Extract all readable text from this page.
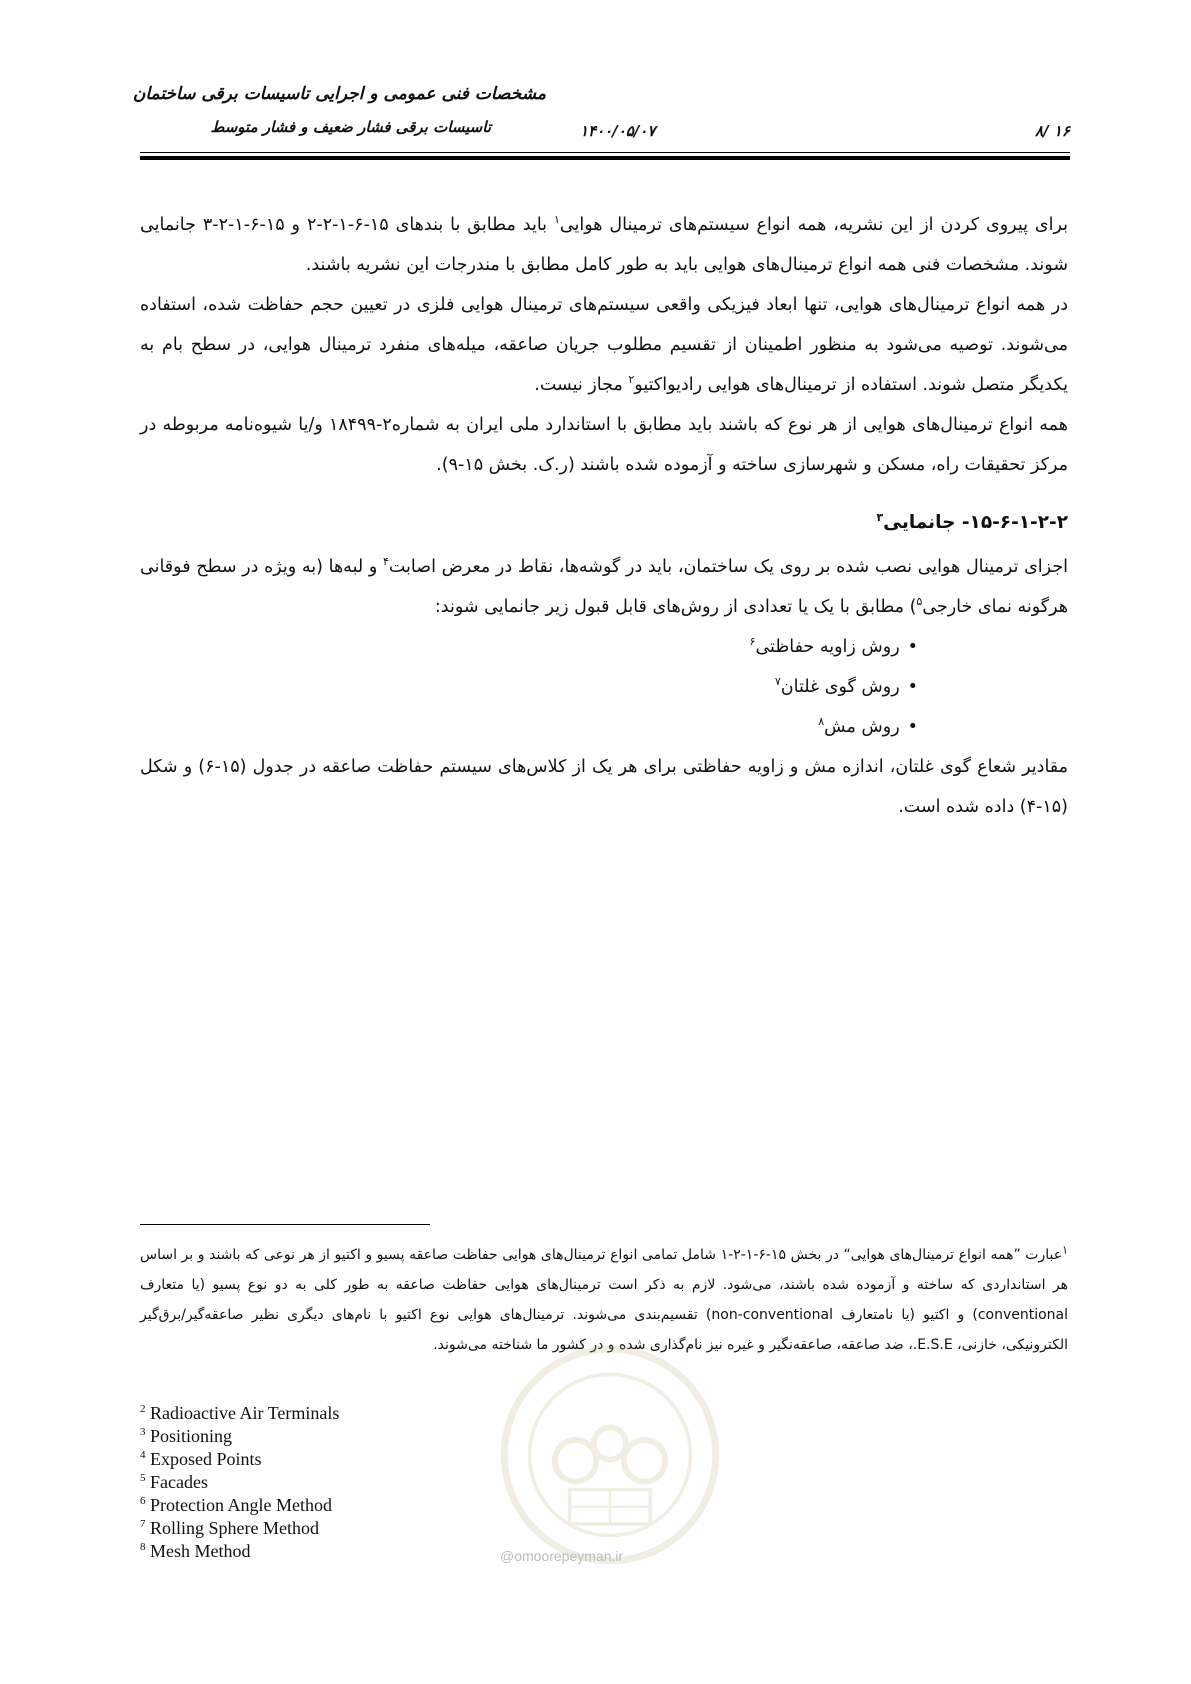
مشخصات فنی عمومی و اجرایی تاسیسات برقی ساختمان
تاسیسات برقی فشار ضعیف و فشار متوسط	۱۴۰۰/۰۵/۰۷	۱۶ /۸

برای پیروی کردن از این نشریه، همه انواع سیستم‌های ترمینال هوایی$^۱$ باید مطابق با بندهای ۱۵-۶-۱-۲-۲ و ۱۵-۶-۱-۲-۳ جانمایی شوند. مشخصات فنی همه انواع ترمینال‌های هوایی باید به طور کامل مطابق با مندرجات این نشریه باشند.

در همه انواع ترمینال‌های هوایی، تنها ابعاد فیزیکی واقعی سیستم‌های ترمینال هوایی فلزی در تعیین حجم حفاظت شده، استفاده می‌شوند. توصیه می‌شود به منظور اطمینان از تقسیم مطلوب جریان صاعقه، میله‌های منفرد ترمینال هوایی، در سطح بام به یکدیگر متصل شوند. استفاده از ترمینال‌های هوایی رادیواکتیو$^۲$ مجاز نیست.

همه انواع ترمینال‌های هوایی از هر نوع که باشند باید مطابق با استاندارد ملی ایران به شماره۲-۱۸۴۹۹ و/یا شیوه‌نامه مربوطه در مرکز تحقیقات راه، مسکن و شهرسازی ساخته و آزموده شده باشند (ر.ک. بخش ۱۵-۹).

۱۵-۶-۱-۲-۲- جانمایی$^۳$

اجزای ترمینال هوایی نصب شده بر روی یک ساختمان، باید در گوشه‌ها، نقاط در معرض اصابت$^۴$ و لبه‌ها (به ویژه در سطح فوقانی هرگونه نمای خارجی$^۵$) مطابق با یک یا تعدادی از روش‌های قابل قبول زیر جانمایی شوند:

• روش زاویه حفاظتی$^۶$
• روش گوی غلتان$^۷$
• روش مش$^۸$

مقادیر شعاع گوی غلتان، اندازه مش و زاویه حفاظتی برای هر یک از کلاس‌های سیستم حفاظت صاعقه در جدول (۱۵-۶) و شکل (۱۵-۴) داده شده است.

$^۱$عبارت ”همه انواع ترمینال‌های هوایی“ در بخش ۱۵-۶-۱-۲-۱ شامل تمامی انواع ترمینال‌های هوایی حفاظت صاعقه پسیو و اکتیو از هر نوعی که باشند و بر اساس هر استانداردی که ساخته و آزموده شده باشند، می‌شود. لازم به ذکر است ترمینال‌های هوایی حفاظت صاعقه به طور کلی به دو نوع پسیو (یا متعارف conventional) و اکتیو (یا نامتعارف non-conventional) تقسیم‌بندی می‌شوند. ترمینال‌های هوایی نوع اکتیو با نام‌های دیگری نظیر صاعقه‌گیر/برق‌گیر الکترونیکی، خازنی، E.S.E.، ضد صاعقه، صاعقه‌نگیر و غیره نیز نام‌گذاری شده و در کشور ما شناخته می‌شوند.

$^2$ Radioactive Air Terminals
$^3$ Positioning
$^4$ Exposed Points
$^5$ Facades
$^6$ Protection Angle Method
$^7$ Rolling Sphere Method
$^8$ Mesh Method	@omoorepeyman.ir
